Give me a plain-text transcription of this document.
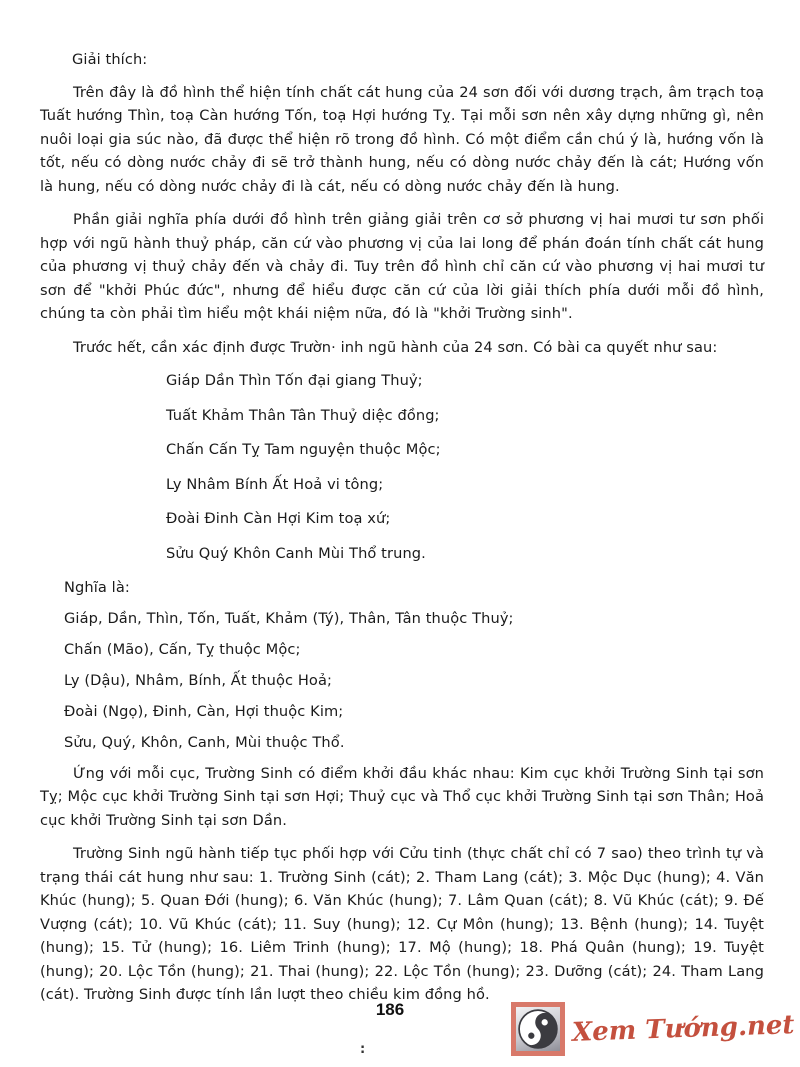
Giải thích:

Trên đây là đồ hình thể hiện tính chất cát hung của 24 sơn đối với dương trạch, âm trạch toạ Tuất hướng Thìn, toạ Càn hướng Tốn, toạ Hợi hướng Tỵ. Tại mỗi sơn nên xây dựng những gì, nên nuôi loại gia súc nào, đã được thể hiện rõ trong đồ hình. Có một điểm cần chú ý là, hướng vốn là tốt, nếu có dòng nước chảy đi sẽ trở thành hung, nếu có dòng nước chảy đến là cát; Hướng vốn là hung, nếu có dòng nước chảy đi là cát, nếu có dòng nước chảy đến là hung.

Phần giải nghĩa phía dưới đồ hình trên giảng giải trên cơ sở phương vị hai mươi tư sơn phối hợp với ngũ hành thuỷ pháp, căn cứ vào phương vị của lai long để phán đoán tính chất cát hung của phương vị thuỷ chảy đến và chảy đi. Tuy trên đồ hình chỉ căn cứ vào phương vị hai mươi tư sơn để "khởi Phúc đức", nhưng để hiểu được căn cứ của lời giải thích phía dưới mỗi đồ hình, chúng ta còn phải tìm hiểu một khái niệm nữa, đó là "khởi Trường sinh".

Trước hết, cần xác định được Trườn· inh ngũ hành của 24 sơn. Có bài ca quyết như sau:

Giáp Dần Thìn Tốn đại giang Thuỷ;
Tuất Khảm Thân Tân Thuỷ diệc đồng;
Chấn Cấn Tỵ Tam nguyện thuộc Mộc;
Ly Nhâm Bính Ất Hoả vi tông;
Đoài Đinh Càn Hợi Kim toạ xứ;
Sửu Quý Khôn Canh Mùi Thổ trung.
Nghĩa là:
Giáp, Dần, Thìn, Tốn, Tuất, Khảm (Tý), Thân, Tân thuộc Thuỷ;
Chấn (Mão), Cấn, Tỵ thuộc Mộc;
Ly (Dậu), Nhâm, Bính, Ất thuộc Hoả;
Đoài (Ngọ), Đinh, Càn, Hợi thuộc Kim;
Sửu, Quý, Khôn, Canh, Mùi thuộc Thổ.

Ứng với mỗi cục, Trường Sinh có điểm khởi đầu khác nhau: Kim cục khởi Trường Sinh tại sơn Tỵ; Mộc cục khởi Trường Sinh tại sơn Hợi; Thuỷ cục và Thổ cục khởi Trường Sinh tại sơn Thân; Hoả cục khởi Trường Sinh tại sơn Dần.

Trường Sinh ngũ hành tiếp tục phối hợp với Cửu tinh (thực chất chỉ có 7 sao) theo trình tự và trạng thái cát hung như sau: 1. Trường Sinh (cát); 2. Tham Lang (cát); 3. Mộc Dục (hung); 4. Văn Khúc (hung); 5. Quan Đới (hung); 6. Văn Khúc (hung); 7. Lâm Quan (cát); 8. Vũ Khúc (cát); 9. Đế Vượng (cát); 10. Vũ Khúc (cát); 11. Suy (hung); 12. Cự Môn (hung); 13. Bệnh (hung); 14. Tuyệt (hung); 15. Tử (hung); 16. Liêm Trinh (hung); 17. Mộ (hung); 18. Phá Quân (hung); 19. Tuyệt (hung); 20. Lộc Tồn (hung); 21. Thai (hung); 22. Lộc Tồn (hung); 23. Dưỡng (cát); 24. Tham Lang (cát). Trường Sinh được tính lần lượt theo chiều kim đồng hồ.

186
:
Xem Tướng.net
